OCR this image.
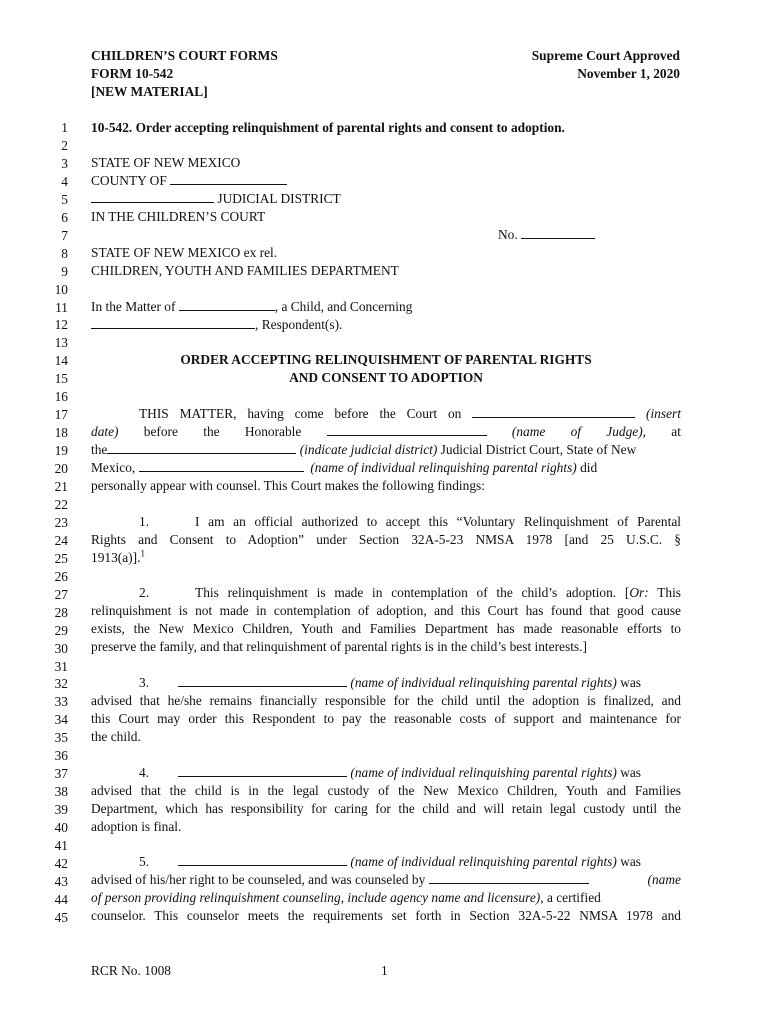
CHILDREN’S COURT FORMS
FORM 10-542
[NEW MATERIAL]
Supreme Court Approved
November 1, 2020
1
2
3
4
5
6
7
8
9
10
11
12
13
14
15
16
17
18
19
20
21
22
23
24
25
26
27
28
29
30
31
32
33
34
35
36
37
38
39
40
41
42
43
44
45
10-542. Order accepting relinquishment of parental rights and consent to adoption.
STATE OF NEW MEXICO
COUNTY OF
JUDICIAL DISTRICT
IN THE CHILDREN’S COURT
No.
STATE OF NEW MEXICO ex rel.
CHILDREN, YOUTH AND FAMILIES DEPARTMENT
In the Matter of	, a Child, and Concerning
, Respondent(s).
ORDER ACCEPTING RELINQUISHMENT OF PARENTAL RIGHTS
AND CONSENT TO ADOPTION
THIS MATTER, having come before the Court on	(insert
date) before the Honorable	(name of Judge), at
the	(indicate judicial district) Judicial District Court, State of New
Mexico,	(name of individual relinquishing parental rights) did
personally appear with counsel. This Court makes the following findings:
1.	I am an official authorized to accept this “Voluntary Relinquishment of Parental
Rights and Consent to Adoption” under Section 32A-5-23 NMSA 1978 [and 25 U.S.C. §
1913(a)].$^1$
2.	This relinquishment is made in contemplation of the child’s adoption. [Or: This
relinquishment is not made in contemplation of adoption, and this Court has found that good cause
exists, the New Mexico Children, Youth and Families Department has made reasonable efforts to
preserve the family, and that relinquishment of parental rights is in the child’s best interests.]
3.	(name of individual relinquishing parental rights) was
advised that he/she remains financially responsible for the child until the adoption is finalized, and
this Court may order this Respondent to pay the reasonable costs of support and maintenance for
the child.
4.	(name of individual relinquishing parental rights) was
advised that the child is in the legal custody of the New Mexico Children, Youth and Families
Department, which has responsibility for caring for the child and will retain legal custody until the
adoption is final.
5.	(name of individual relinquishing parental rights) was
advised of his/her right to be counseled, and was counseled by	(name
of person providing relinquishment counseling, include agency name and licensure), a certified
counselor. This counselor meets the requirements set forth in Section 32A-5-22 NMSA 1978 and
RCR No. 1008	1
